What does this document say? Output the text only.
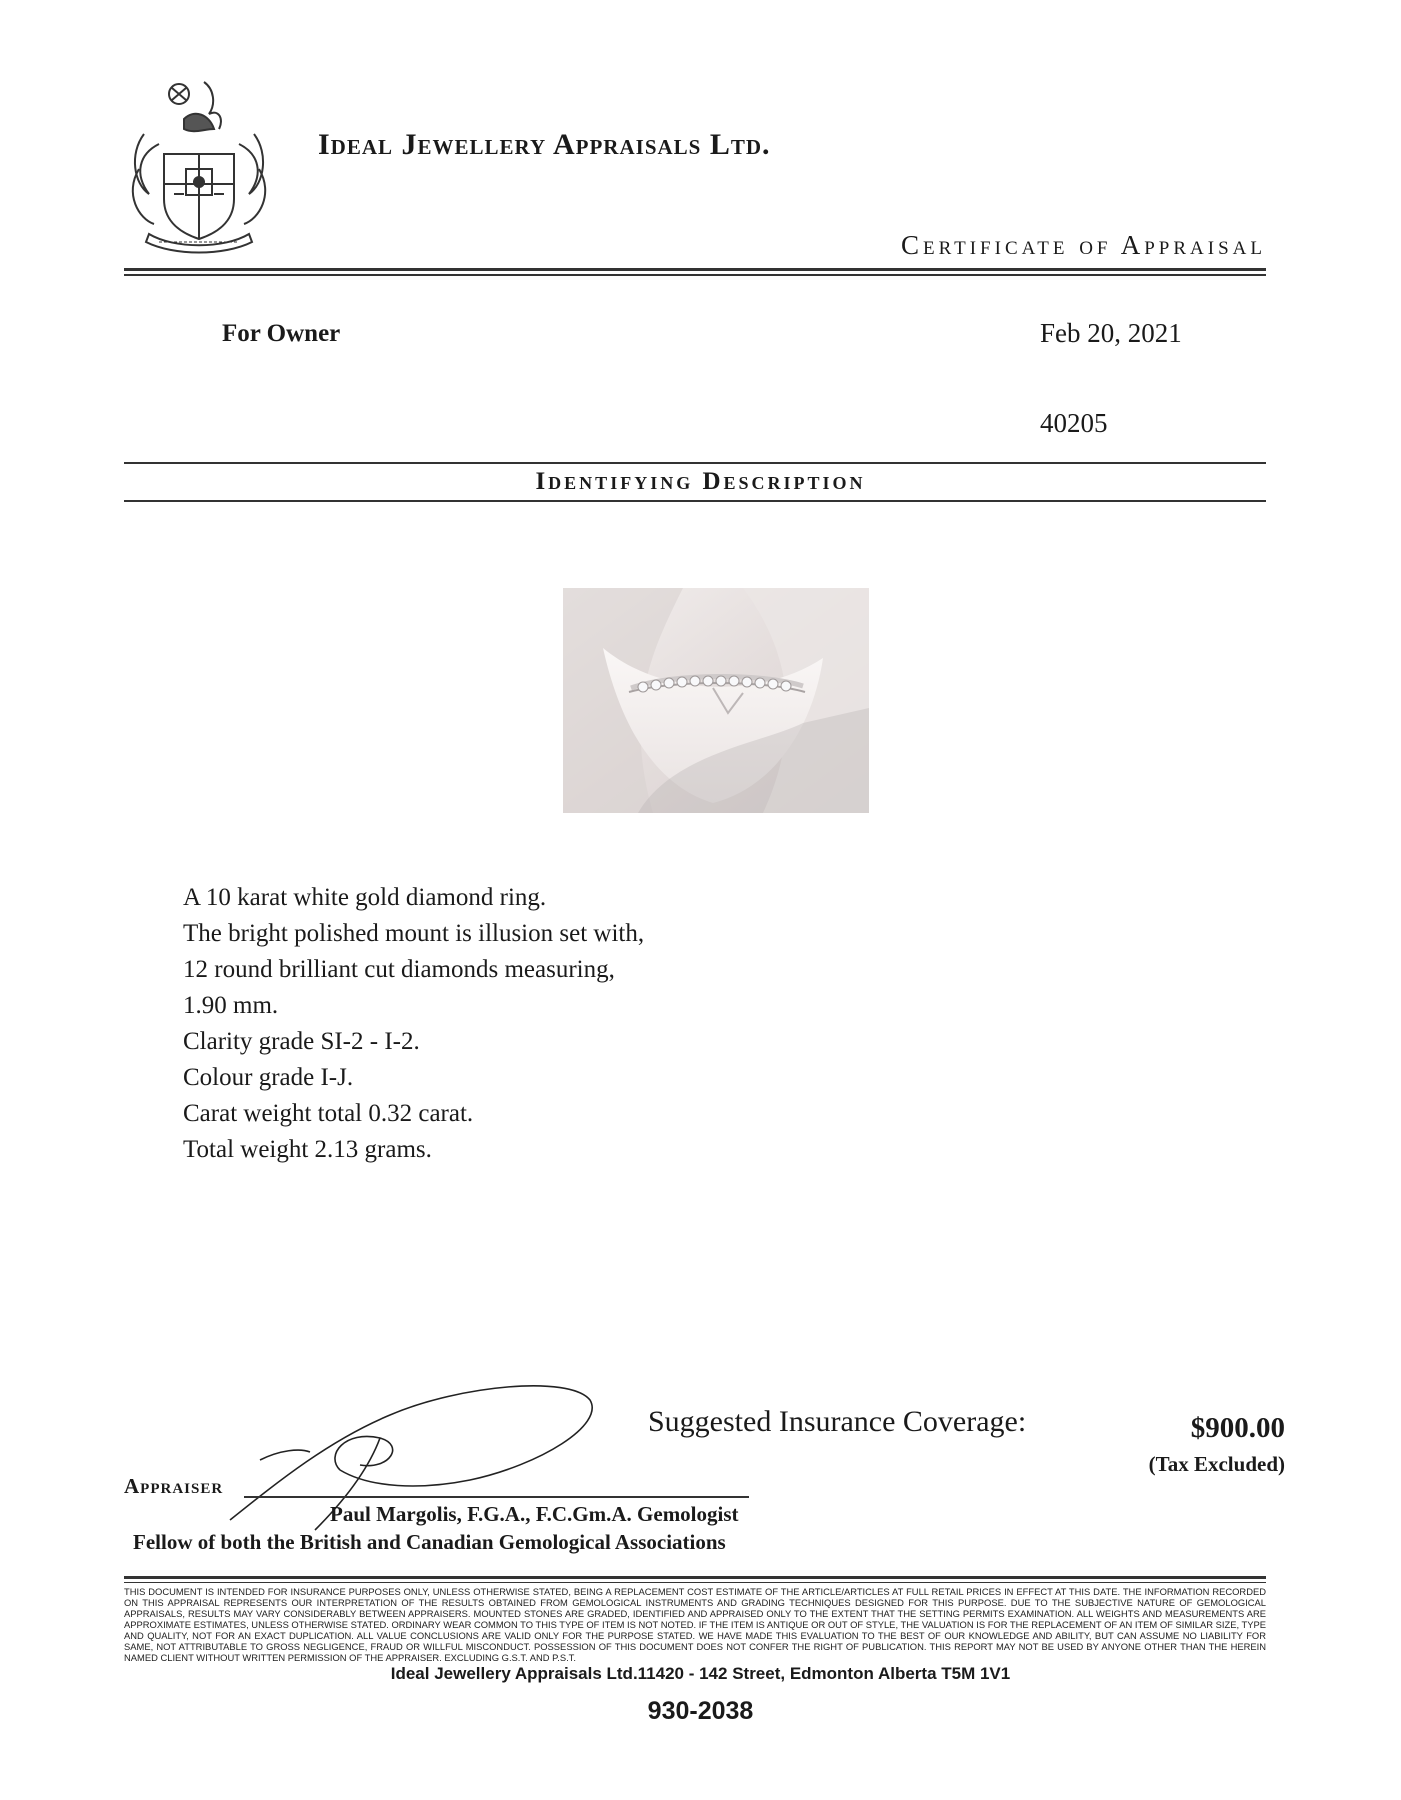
Ideal Jewellery Appraisals Ltd.
Certificate of Appraisal
For Owner	Feb 20, 2021
40205
Identifying Description
A 10 karat white gold diamond ring.
The bright polished mount is illusion set with,
12 round brilliant cut diamonds measuring,
1.90 mm.
Clarity grade SI-2 - I-2.
Colour grade I-J.
Carat weight total 0.32 carat.
Total weight 2.13 grams.
Suggested Insurance Coverage:	$900.00
(Tax Excluded)
Appraiser
Paul Margolis, F.G.A., F.C.Gm.A. Gemologist
Fellow of both the British and Canadian Gemological Associations
THIS DOCUMENT IS INTENDED FOR INSURANCE PURPOSES ONLY, UNLESS OTHERWISE STATED, BEING A REPLACEMENT COST ESTIMATE OF THE ARTICLE/ARTICLES AT FULL RETAIL PRICES IN EFFECT AT THIS DATE. THE INFORMATION RECORDED ON THIS APPRAISAL REPRESENTS OUR INTERPRETATION OF THE RESULTS OBTAINED FROM GEMOLOGICAL INSTRUMENTS AND GRADING TECHNIQUES DESIGNED FOR THIS PURPOSE. DUE TO THE SUBJECTIVE NATURE OF GEMOLOGICAL APPRAISALS, RESULTS MAY VARY CONSIDERABLY BETWEEN APPRAISERS. MOUNTED STONES ARE GRADED, IDENTIFIED AND APPRAISED ONLY TO THE EXTENT THAT THE SETTING PERMITS EXAMINATION. ALL WEIGHTS AND MEASUREMENTS ARE APPROXIMATE ESTIMATES, UNLESS OTHERWISE STATED. ORDINARY WEAR COMMON TO THIS TYPE OF ITEM IS NOT NOTED. IF THE ITEM IS ANTIQUE OR OUT OF STYLE, THE VALUATION IS FOR THE REPLACEMENT OF AN ITEM OF SIMILAR SIZE, TYPE AND QUALITY, NOT FOR AN EXACT DUPLICATION. ALL VALUE CONCLUSIONS ARE VALID ONLY FOR THE PURPOSE STATED. WE HAVE MADE THIS EVALUATION TO THE BEST OF OUR KNOWLEDGE AND ABILITY, BUT CAN ASSUME NO LIABILITY FOR SAME, NOT ATTRIBUTABLE TO GROSS NEGLIGENCE, FRAUD OR WILLFUL MISCONDUCT. POSSESSION OF THIS DOCUMENT DOES NOT CONFER THE RIGHT OF PUBLICATION. THIS REPORT MAY NOT BE USED BY ANYONE OTHER THAN THE HEREIN NAMED CLIENT WITHOUT WRITTEN PERMISSION OF THE APPRAISER. EXCLUDING G.S.T. AND P.S.T.
Ideal Jewellery Appraisals Ltd.11420 - 142 Street, Edmonton Alberta T5M 1V1
930-2038
